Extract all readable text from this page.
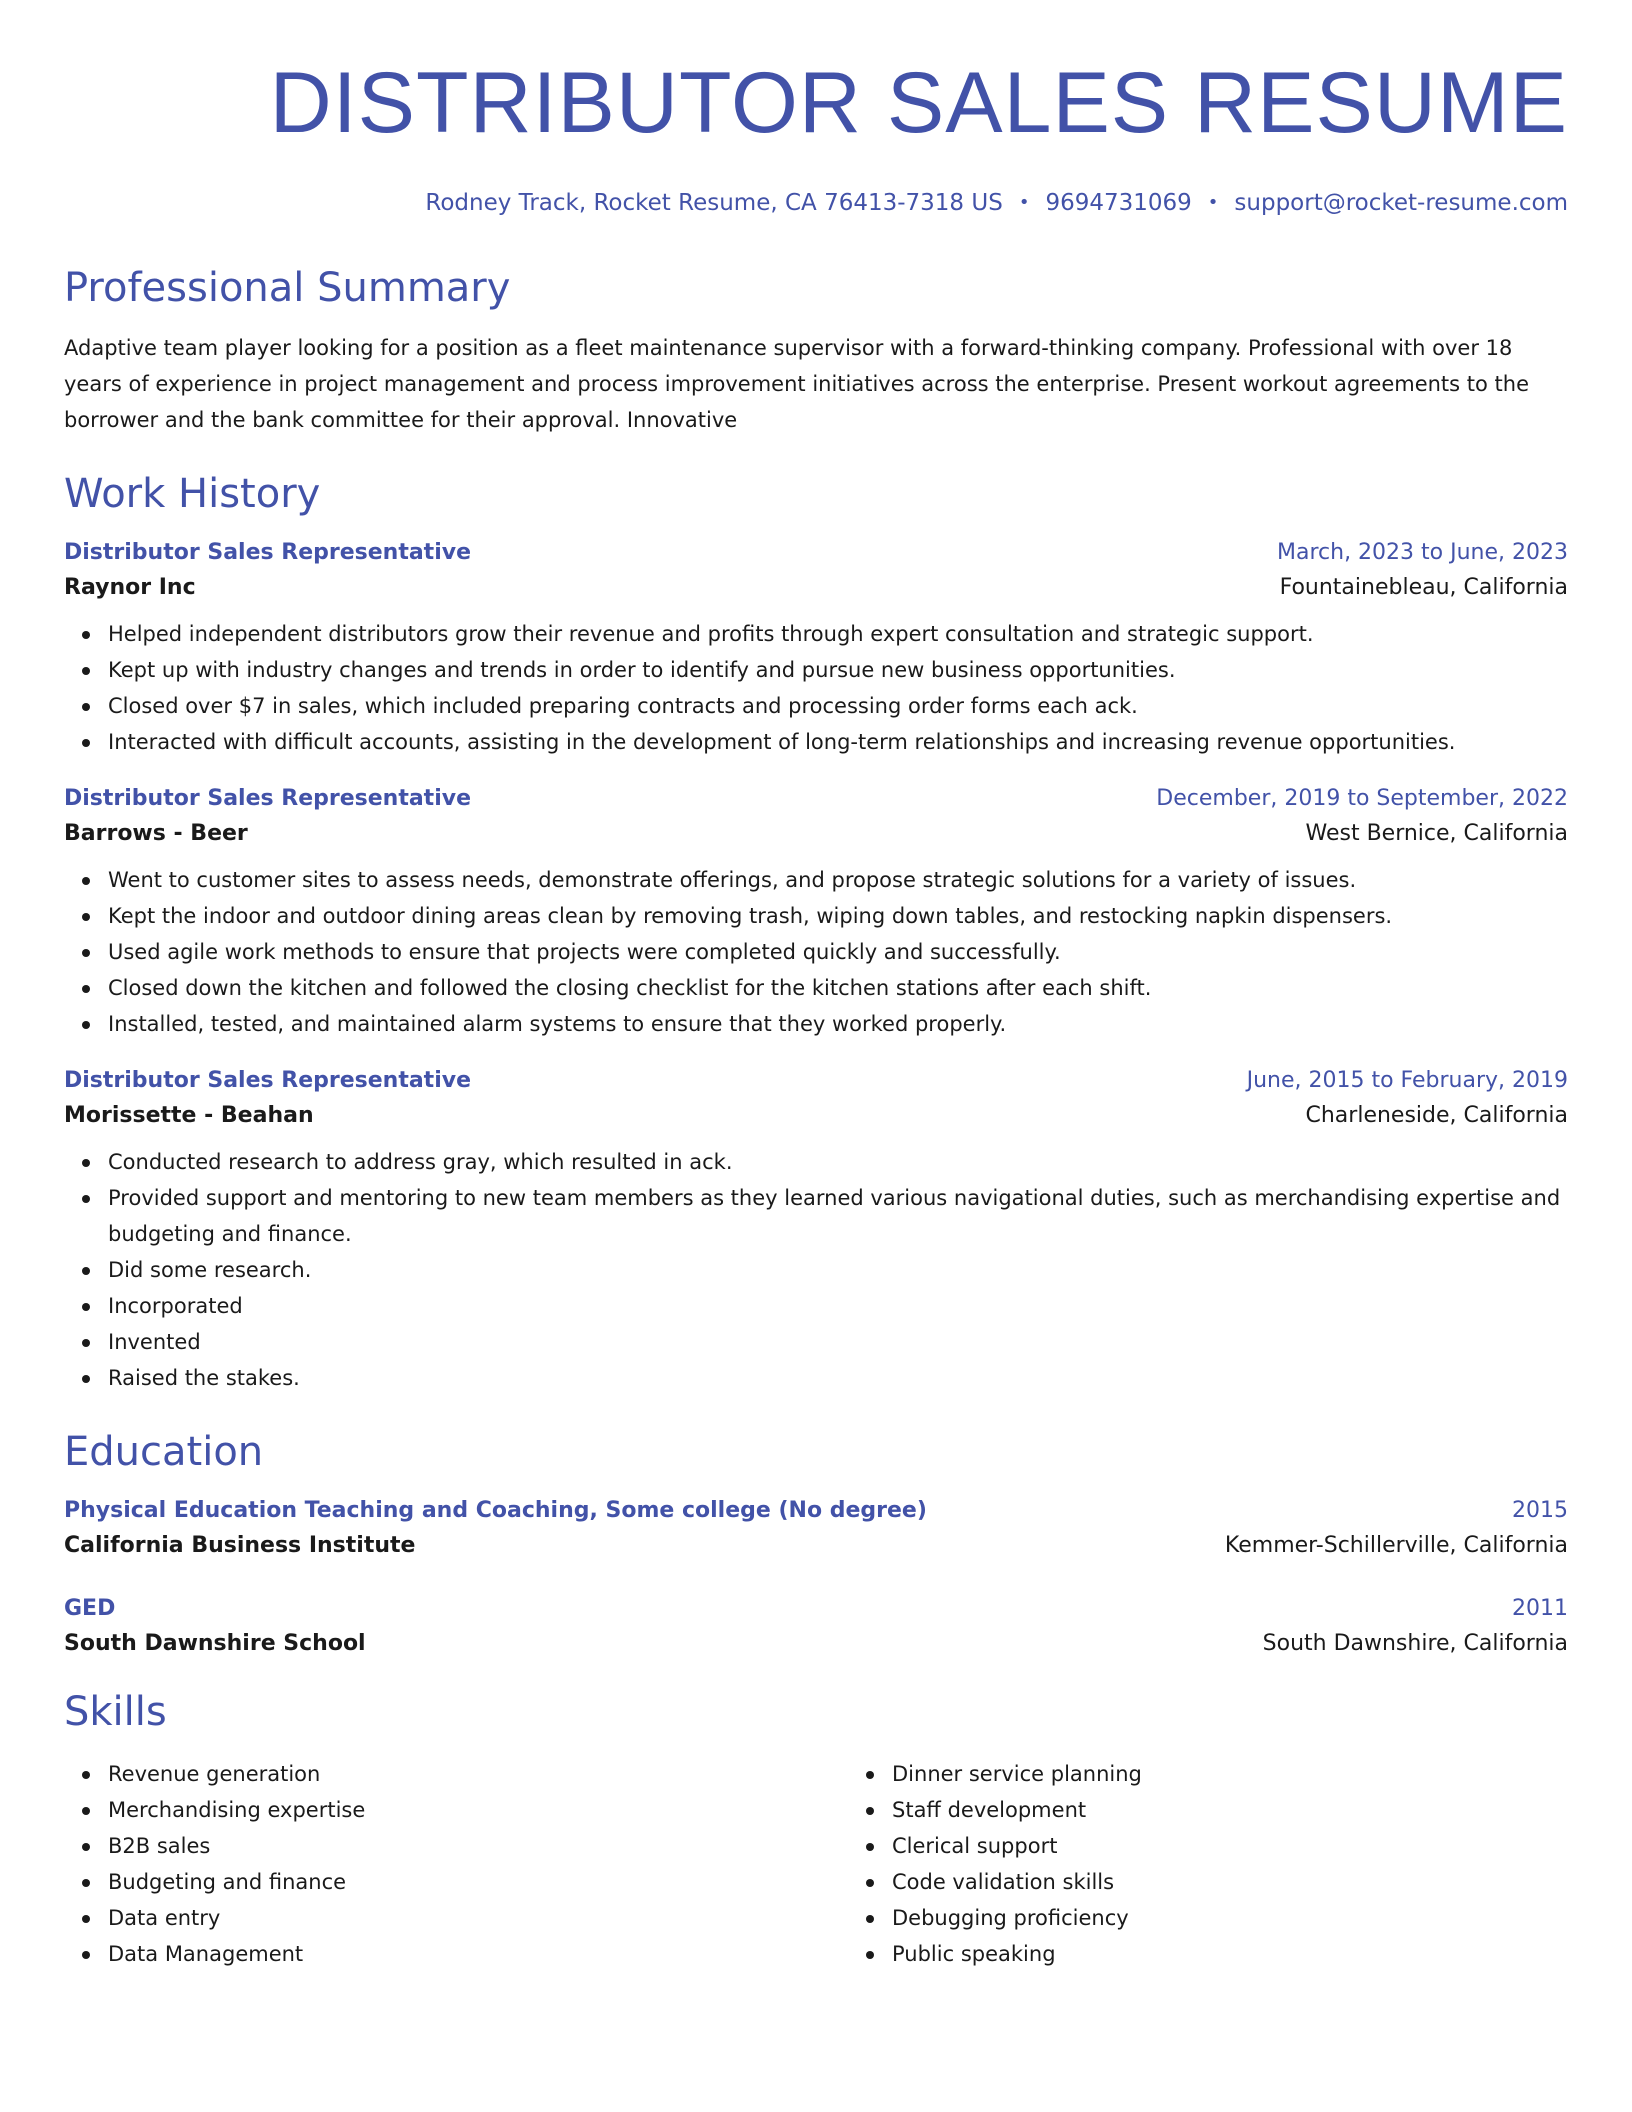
DISTRIBUTOR SALES RESUME
Rodney Track, Rocket Resume, CA 76413-7318 US • 9694731069 • support@rocket-resume.com
Professional Summary
Adaptive team player looking for a position as a fleet maintenance supervisor with a forward-thinking company. Professional with over 18 years of experience in project management and process improvement initiatives across the enterprise. Present workout agreements to the borrower and the bank committee for their approval. Innovative
Work History
Distributor Sales Representative	March, 2023 to June, 2023
Raynor Inc	Fountainebleau, California
Helped independent distributors grow their revenue and profits through expert consultation and strategic support.
Kept up with industry changes and trends in order to identify and pursue new business opportunities.
Closed over $7 in sales, which included preparing contracts and processing order forms each ack.
Interacted with difficult accounts, assisting in the development of long-term relationships and increasing revenue opportunities.
Distributor Sales Representative	December, 2019 to September, 2022
Barrows - Beer	West Bernice, California
Went to customer sites to assess needs, demonstrate offerings, and propose strategic solutions for a variety of issues.
Kept the indoor and outdoor dining areas clean by removing trash, wiping down tables, and restocking napkin dispensers.
Used agile work methods to ensure that projects were completed quickly and successfully.
Closed down the kitchen and followed the closing checklist for the kitchen stations after each shift.
Installed, tested, and maintained alarm systems to ensure that they worked properly.
Distributor Sales Representative	June, 2015 to February, 2019
Morissette - Beahan	Charleneside, California
Conducted research to address gray, which resulted in ack.
Provided support and mentoring to new team members as they learned various navigational duties, such as merchandising expertise and budgeting and finance.
Did some research.
Incorporated
Invented
Raised the stakes.
Education
Physical Education Teaching and Coaching, Some college (No degree)	2015
California Business Institute	Kemmer-Schillerville, California
GED	2011
South Dawnshire School	South Dawnshire, California
Skills
Revenue generation
Merchandising expertise
B2B sales
Budgeting and finance
Data entry
Data Management
Dinner service planning
Staff development
Clerical support
Code validation skills
Debugging proficiency
Public speaking
